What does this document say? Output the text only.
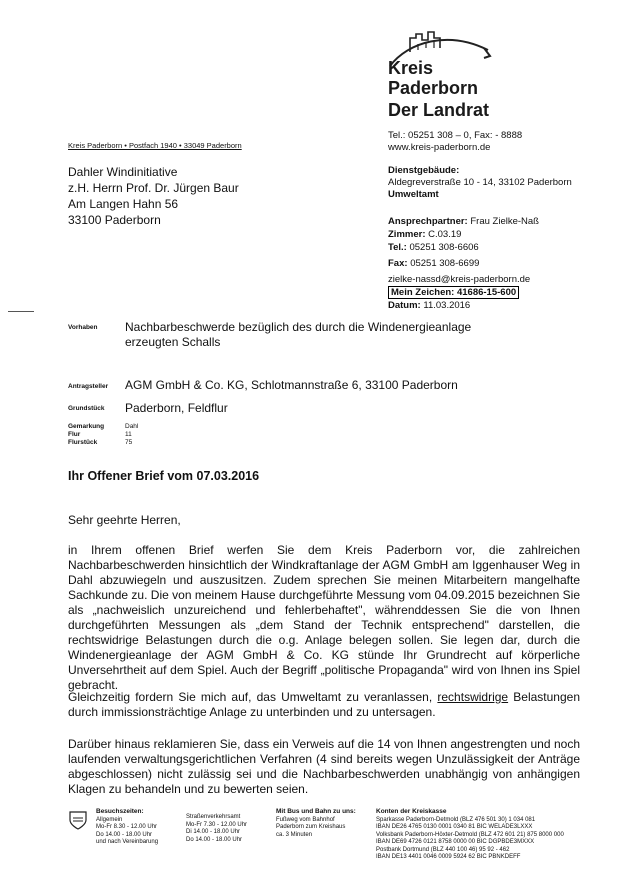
Kreis
Paderborn
Der Landrat
Tel.: 05251 308 – 0, Fax: - 8888
www.kreis-paderborn.de
Kreis Paderborn • Postfach 1940 • 33049 Paderborn
Dahler Windinitiative
z.H. Herrn Prof. Dr. Jürgen Baur
Am Langen Hahn 56
33100 Paderborn
Dienstgebäude:
Aldegreverstraße 10 - 14, 33102 Paderborn
Umweltamt
Ansprechpartner: Frau Zielke-Naß
Zimmer: C.03.19
Tel.: 05251 308-6606
Fax: 05251 308-6699
zielke-nassd@kreis-paderborn.de
Mein Zeichen: 41686-15-600
Datum: 11.03.2016
Vorhaben Nachbarbeschwerde bezüglich des durch die Windenergieanlage
erzeugten Schalls
Antragsteller AGM GmbH & Co. KG, Schlotmannstraße 6, 33100 Paderborn
Grundstück Paderborn, Feldflur
Gemarkung
Flur
Flurstück
Dahl
11
75
Ihr Offener Brief vom 07.03.2016
Sehr geehrte Herren,
in Ihrem offenen Brief werfen Sie dem Kreis Paderborn vor, die zahlreichen Nachbarbeschwerden hinsichtlich der Windkraftanlage der AGM GmbH am Iggenhauser Weg in Dahl abzuwiegeln und auszusitzen. Zudem sprechen Sie meinen Mitarbeitern mangelhafte Sachkunde zu. Die von meinem Hause durchgeführte Messung vom 04.09.2015 bezeichnen Sie als „nachweislich unzureichend und fehlerbehaftet", währenddessen Sie die von Ihnen durchgeführten Messungen als „dem Stand der Technik entsprechend" darstellen, die rechtswidrige Belastungen durch die o.g. Anlage belegen sollen. Sie legen dar, durch die Windenergieanlage der AGM GmbH & Co. KG stünde Ihr Grundrecht auf körperliche Unversehrtheit auf dem Spiel. Auch der Begriff „politische Propaganda" wird von Ihnen ins Spiel gebracht.
Gleichzeitig fordern Sie mich auf, das Umweltamt zu veranlassen, rechtswidrige Belastungen durch immissionsträchtige Anlage zu unterbinden und zu untersagen.
Darüber hinaus reklamieren Sie, dass ein Verweis auf die 14 von Ihnen angestrengten und noch laufenden verwaltungsgerichtlichen Verfahren (4 sind bereits wegen Unzulässigkeit der Anträge abgeschlossen) nicht zulässig sei und die Nachbarbeschwerden unabhängig von anhängigen Klagen zu behandeln und zu bewerten seien.
Besuchszeiten:
Allgemein
Mo-Fr 8.30 - 12.00 Uhr
Do 14.00 - 18.00 Uhr
und nach Vereinbarung
Straßenverkehrsamt
Mo-Fr 7.30 - 12.00 Uhr
Di 14.00 - 18.00 Uhr
Do 14.00 - 18.00 Uhr
Mit Bus und Bahn zu uns:
Fußweg vom Bahnhof
Paderborn zum Kreishaus
ca. 3 Minuten
Konten der Kreiskasse
Sparkasse Paderborn-Detmold (BLZ 476 501 30) 1 034 081
IBAN DE26 4765 0130 0001 0340 81 BIC WELADE3LXXX
Volksbank Paderborn-Höxter-Detmold (BLZ 472 601 21) 875 8000 000
IBAN DE69 4726 0121 8758 0000 00 BIC DGPBDE3MXXX
Postbank Dortmund (BLZ 440 100 46) 95 92 - 462
IBAN DE13 4401 0046 0009 5924 62 BIC PBNKDEFF
